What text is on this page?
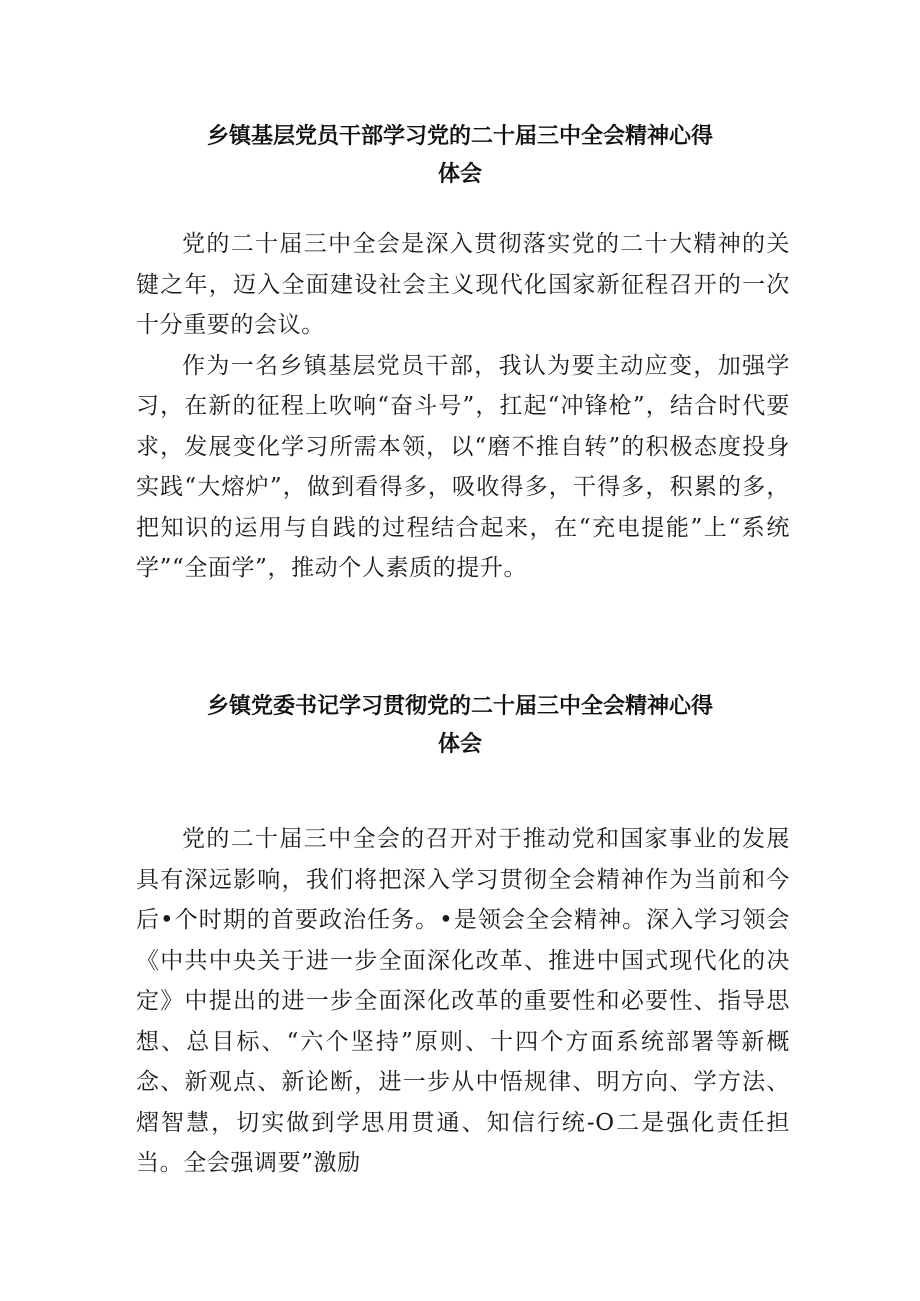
乡镇基层党员干部学习党的二十届三中全会精神心得
体会

党的二十届三中全会是深入贯彻落实党的二十大精神的关键之年，迈入全面建设社会主义现代化国家新征程召开的一次十分重要的会议。

作为一名乡镇基层党员干部，我认为要主动应变，加强学习，在新的征程上吹响“奋斗号”，扛起“冲锋枪”，结合时代要求，发展变化学习所需本领，以“磨不推自转”的积极态度投身实践“大熔炉”，做到看得多，吸收得多，干得多，积累的多，把知识的运用与自践的过程结合起来，在“充电提能”上“系统学”“全面学”，推动个人素质的提升。

乡镇党委书记学习贯彻党的二十届三中全会精神心得
体会

党的二十届三中全会的召开对于推动党和国家事业的发展具有深远影响，我们将把深入学习贯彻全会精神作为当前和今后•个时期的首要政治任务。•是领会全会精神。深入学习领会《中共中央关于进一步全面深化改革、推进中国式现代化的决定》中提出的进一步全面深化改革的重要性和必要性、指导思想、总目标、“六个坚持”原则、十四个方面系统部署等新概念、新观点、新论断，进一步从中悟规律、明方向、学方法、熠智慧，切实做到学思用贯通、知信行统-O二是强化责任担当。全会强调要”激励
